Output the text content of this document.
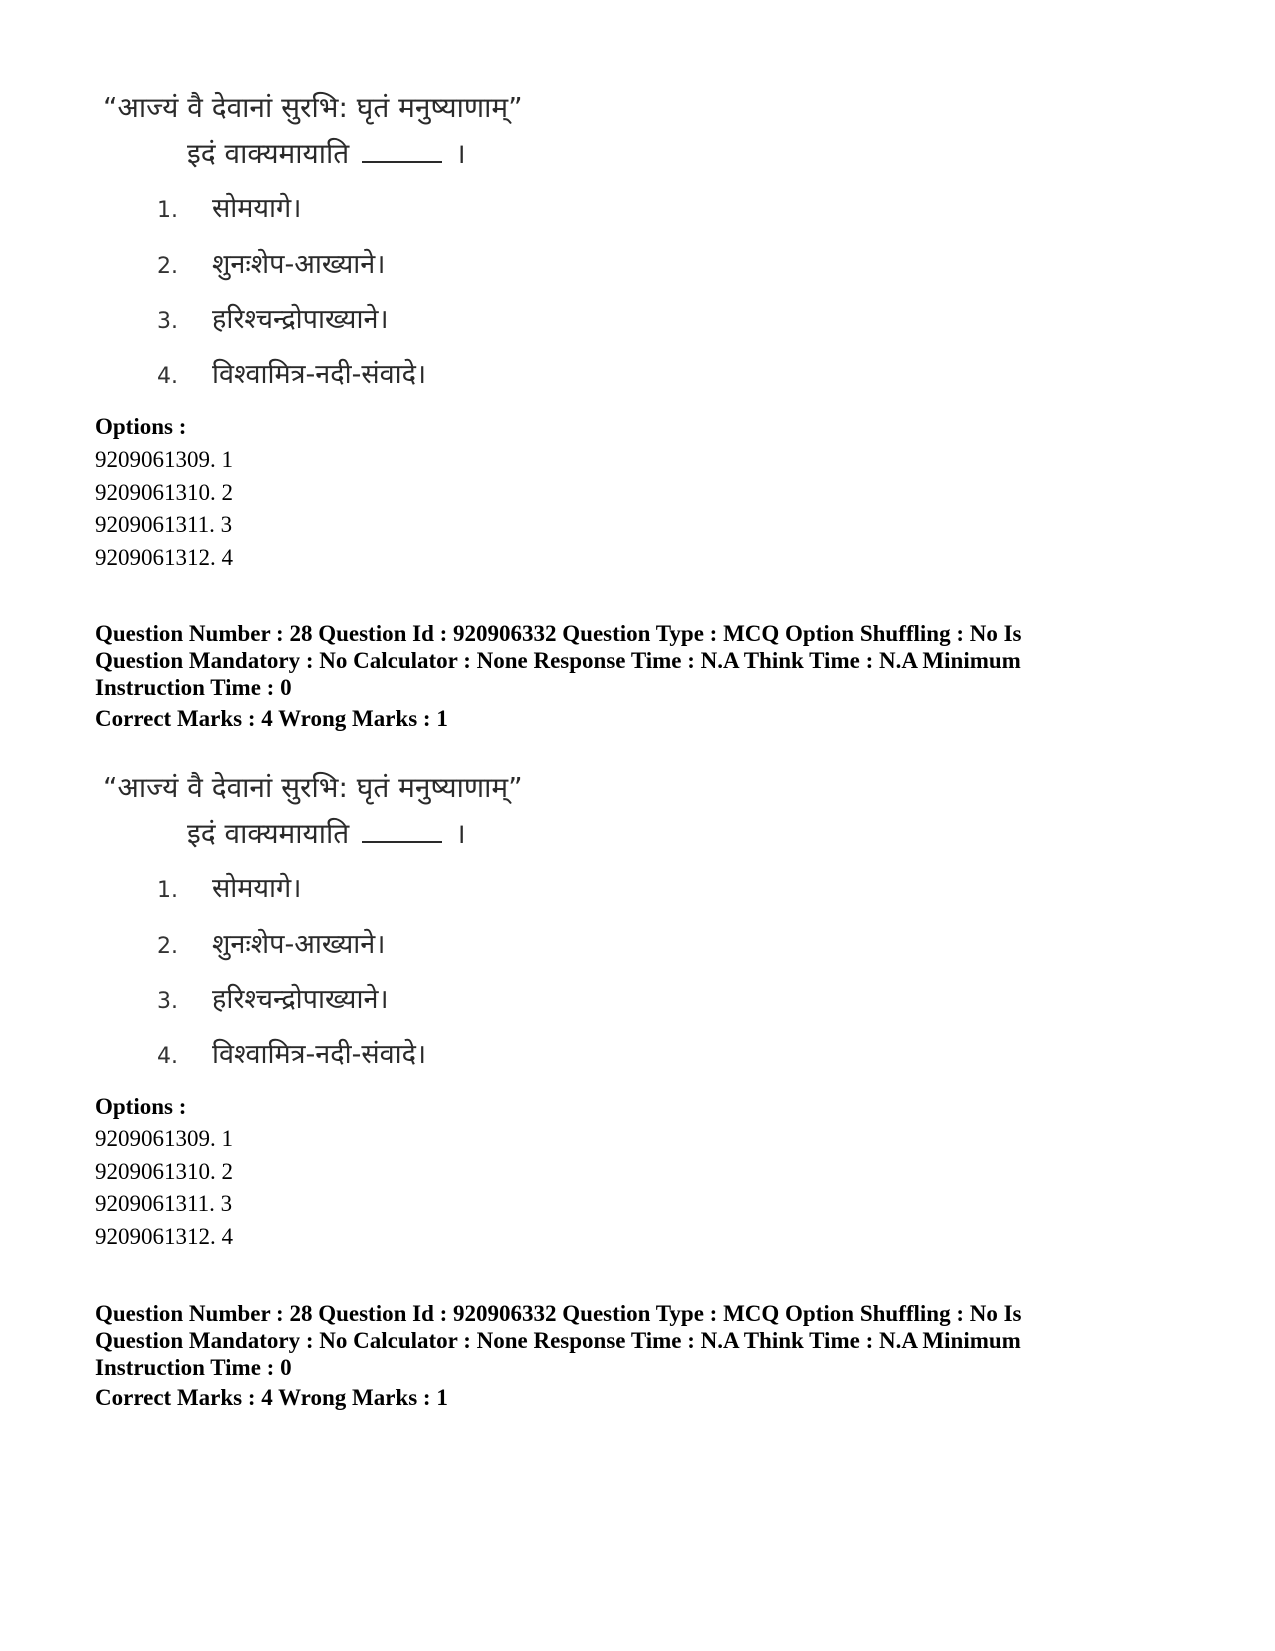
“आज्यं वै देवानां सुरभि: घृतं मनुष्याणाम्”
इदं वाक्यमायाति	।
1. सोमयागे।
2. शुनःशेप-आख्याने।
3. हरिश्चन्द्रोपाख्याने।
4. विश्वामित्र-नदी-संवादे।
Options :
9209061309. 1
9209061310. 2
9209061311. 3
9209061312. 4
Question Number : 28 Question Id : 920906332 Question Type : MCQ Option Shuffling : No Is
Question Mandatory : No Calculator : None Response Time : N.A Think Time : N.A Minimum
Instruction Time : 0
Correct Marks : 4 Wrong Marks : 1
“आज्यं वै देवानां सुरभि: घृतं मनुष्याणाम्”
इदं वाक्यमायाति	।
1. सोमयागे।
2. शुनःशेप-आख्याने।
3. हरिश्चन्द्रोपाख्याने।
4. विश्वामित्र-नदी-संवादे।
Options :
9209061309. 1
9209061310. 2
9209061311. 3
9209061312. 4
Question Number : 28 Question Id : 920906332 Question Type : MCQ Option Shuffling : No Is
Question Mandatory : No Calculator : None Response Time : N.A Think Time : N.A Minimum
Instruction Time : 0
Correct Marks : 4 Wrong Marks : 1
